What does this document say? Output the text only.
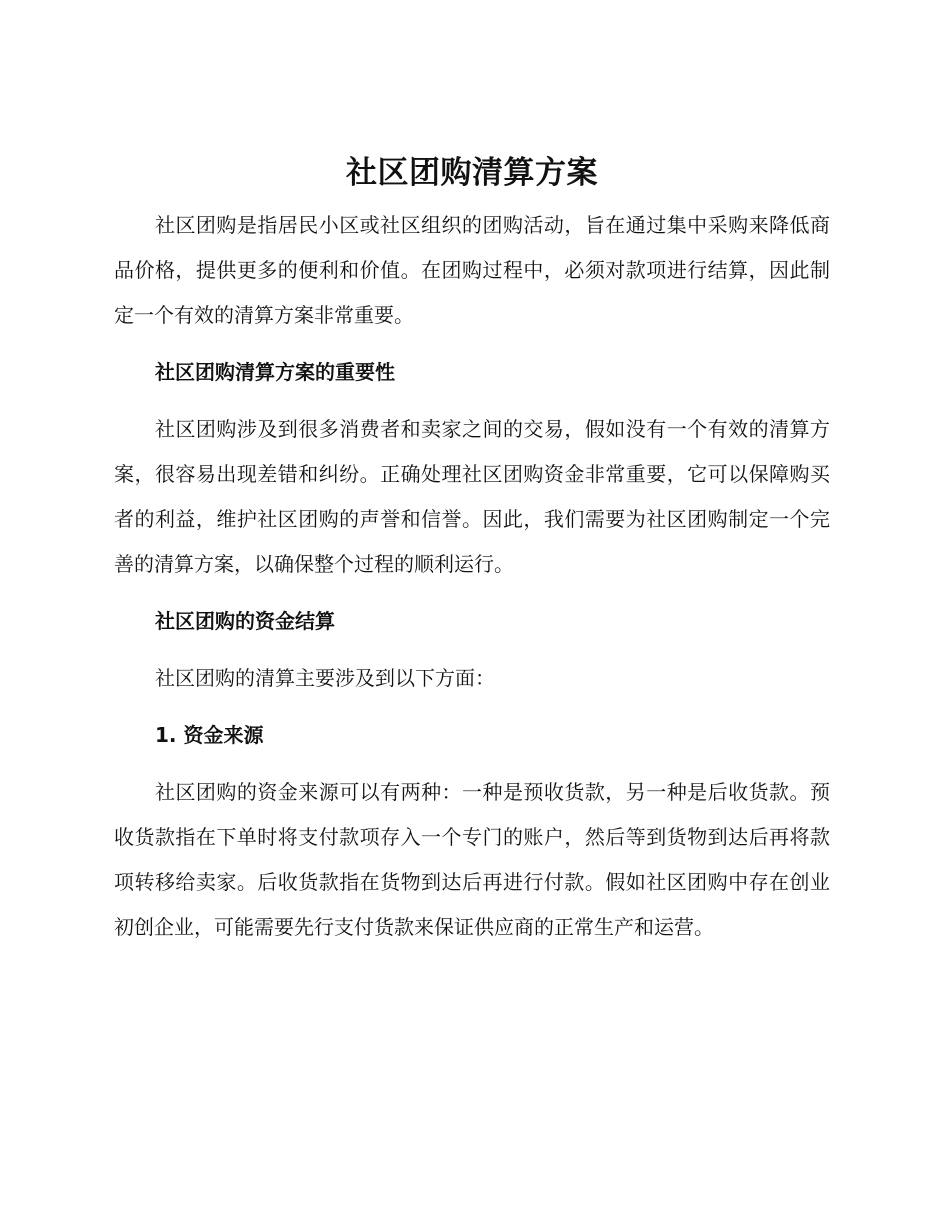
社区团购清算方案

社区团购是指居民小区或社区组织的团购活动，旨在通过集中采购来降低商品价格，提供更多的便利和价值。在团购过程中，必须对款项进行结算，因此制定一个有效的清算方案非常重要。

社区团购清算方案的重要性

社区团购涉及到很多消费者和卖家之间的交易，假如没有一个有效的清算方案，很容易出现差错和纠纷。正确处理社区团购资金非常重要，它可以保障购买者的利益，维护社区团购的声誉和信誉。因此，我们需要为社区团购制定一个完善的清算方案，以确保整个过程的顺利运行。

社区团购的资金结算

社区团购的清算主要涉及到以下方面：

1. 资金来源

社区团购的资金来源可以有两种：一种是预收货款，另一种是后收货款。预收货款指在下单时将支付款项存入一个专门的账户，然后等到货物到达后再将款项转移给卖家。后收货款指在货物到达后再进行付款。假如社区团购中存在创业初创企业，可能需要先行支付货款来保证供应商的正常生产和运营。
